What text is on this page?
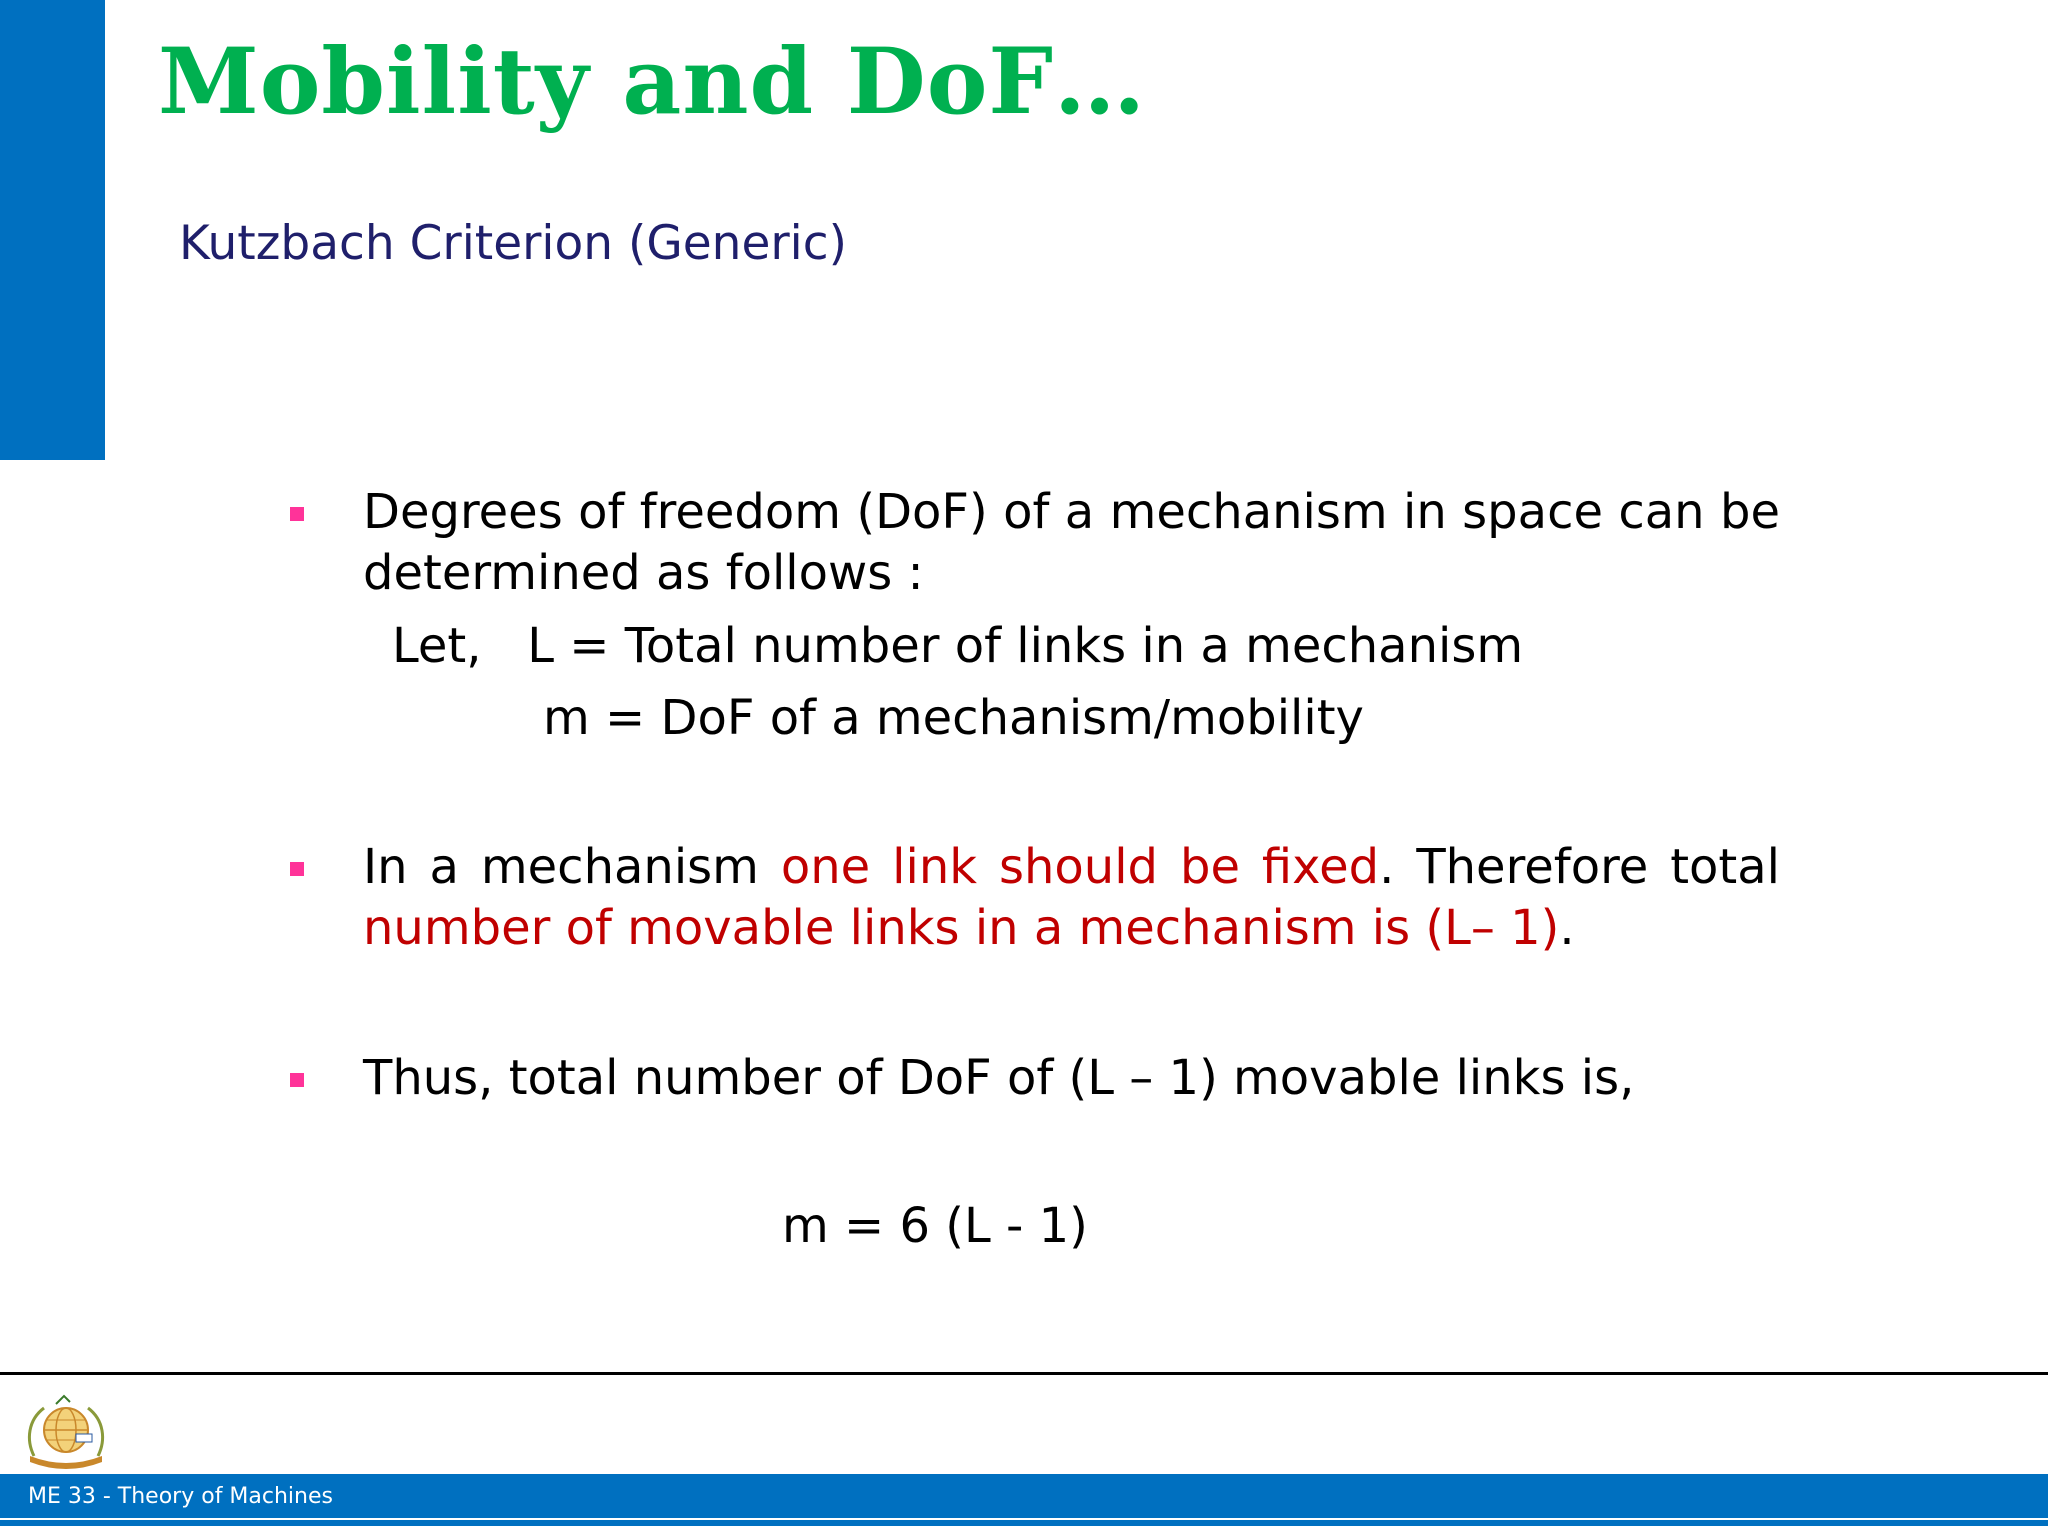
Mobility and DoF…
Kutzbach Criterion (Generic)
Degrees of freedom (DoF) of a mechanism in space can be determined as follows :
Let,   L = Total number of links in a mechanism
m = DoF of a mechanism/mobility
In a mechanism one link should be fixed. Therefore total number of movable links in a mechanism is (L– 1).
Thus, total number of DoF of (L – 1) movable links is,
m = 6 (L - 1)
ME 33 - Theory of Machines
